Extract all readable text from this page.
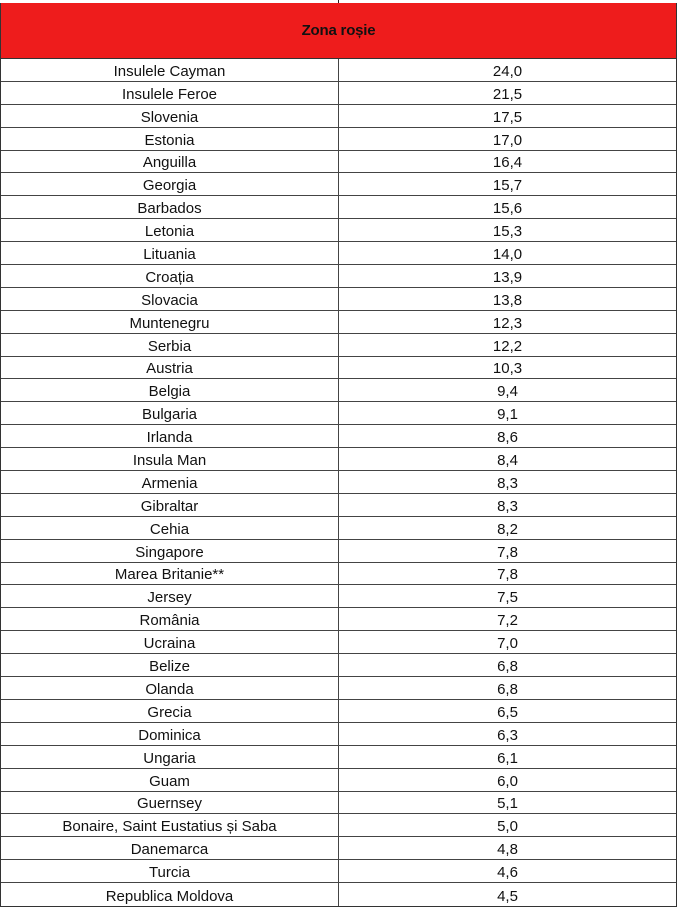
Zona roșie
Insulele Cayman	24,0
Insulele Feroe	21,5
Slovenia	17,5
Estonia	17,0
Anguilla	16,4
Georgia	15,7
Barbados	15,6
Letonia	15,3
Lituania	14,0
Croația	13,9
Slovacia	13,8
Muntenegru	12,3
Serbia	12,2
Austria	10,3
Belgia	9,4
Bulgaria	9,1
Irlanda	8,6
Insula Man	8,4
Armenia	8,3
Gibraltar	8,3
Cehia	8,2
Singapore	7,8
Marea Britanie**	7,8
Jersey	7,5
România	7,2
Ucraina	7,0
Belize	6,8
Olanda	6,8
Grecia	6,5
Dominica	6,3
Ungaria	6,1
Guam	6,0
Guernsey	5,1
Bonaire, Saint Eustatius și Saba	5,0
Danemarca	4,8
Turcia	4,6
Republica Moldova	4,5
